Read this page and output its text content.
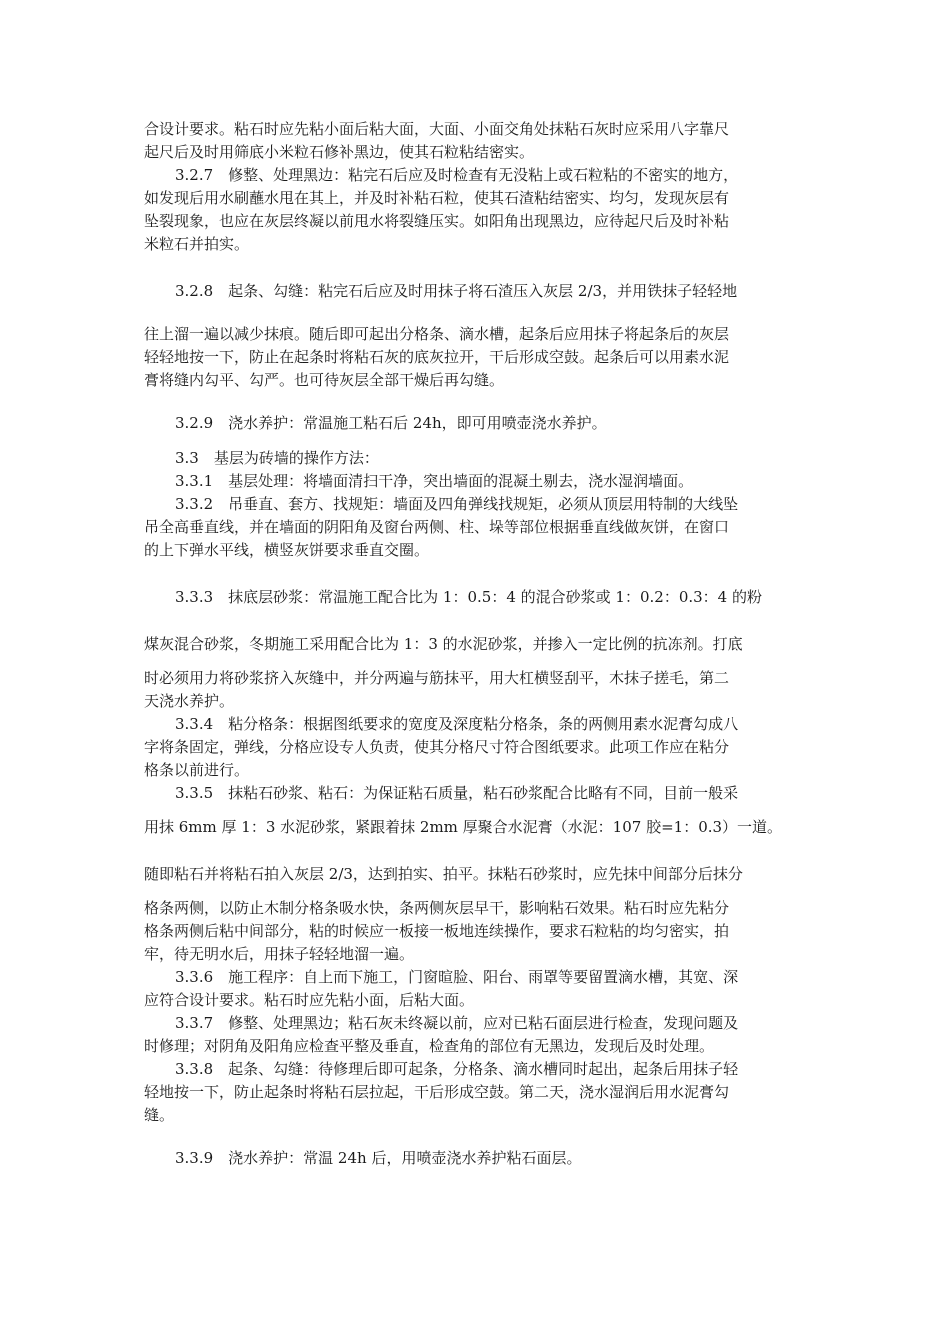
合设计要求。粘石时应先粘小面后粘大面，大面、小面交角处抹粘石灰时应采用八字靠尺
起尺后及时用筛底小米粒石修补黑边，使其石粒粘结密实。
3.2.7　修整、处理黑边：粘完石后应及时检查有无没粘上或石粒粘的不密实的地方，
如发现后用水刷蘸水甩在其上，并及时补粘石粒，使其石渣粘结密实、均匀，发现灰层有
坠裂现象，也应在灰层终凝以前甩水将裂缝压实。如阳角出现黑边，应待起尺后及时补粘
米粒石并拍实。
3.2.8　起条、勾缝：粘完石后应及时用抹子将石渣压入灰层 2/3，并用铁抹子轻轻地
往上溜一遍以减少抹痕。随后即可起出分格条、滴水槽，起条后应用抹子将起条后的灰层
轻轻地按一下，防止在起条时将粘石灰的底灰拉开，干后形成空鼓。起条后可以用素水泥
膏将缝内勾平、勾严。也可待灰层全部干燥后再勾缝。
3.2.9　浇水养护：常温施工粘石后 24h，即可用喷壶浇水养护。
3.3　基层为砖墙的操作方法：
3.3.1　基层处理：将墙面清扫干净，突出墙面的混凝土剔去，浇水湿润墙面。
3.3.2　吊垂直、套方、找规矩：墙面及四角弹线找规矩，必须从顶层用特制的大线坠
吊全高垂直线，并在墙面的阴阳角及窗台两侧、柱、垛等部位根据垂直线做灰饼，在窗口
的上下弹水平线，横竖灰饼要求垂直交圈。
3.3.3　抹底层砂浆：常温施工配合比为 1：0.5：4 的混合砂浆或 1：0.2：0.3：4 的粉
煤灰混合砂浆，冬期施工采用配合比为 1：3 的水泥砂浆，并掺入一定比例的抗冻剂。打底
时必须用力将砂浆挤入灰缝中，并分两遍与筋抹平，用大杠横竖刮平，木抹子搓毛，第二
天浇水养护。
3.3.4　粘分格条：根据图纸要求的宽度及深度粘分格条，条的两侧用素水泥膏勾成八
字将条固定，弹线，分格应设专人负责，使其分格尺寸符合图纸要求。此项工作应在粘分
格条以前进行。
3.3.5　抹粘石砂浆、粘石：为保证粘石质量，粘石砂浆配合比略有不同，目前一般采
用抹 6mm 厚 1：3 水泥砂浆，紧跟着抹 2mm 厚聚合水泥膏（水泥：107 胶=1：0.3）一道。
随即粘石并将粘石拍入灰层 2/3，达到拍实、拍平。抹粘石砂浆时，应先抹中间部分后抹分
格条两侧，以防止木制分格条吸水快，条两侧灰层早干，影响粘石效果。粘石时应先粘分
格条两侧后粘中间部分，粘的时候应一板接一板地连续操作，要求石粒粘的均匀密实，拍
牢，待无明水后，用抹子轻轻地溜一遍。
3.3.6　施工程序：自上而下施工，门窗暄脸、阳台、雨罩等要留置滴水槽，其宽、深
应符合设计要求。粘石时应先粘小面，后粘大面。
3.3.7　修整、处理黑边；粘石灰未终凝以前，应对已粘石面层进行检查，发现问题及
时修理；对阴角及阳角应检查平整及垂直，检查角的部位有无黑边，发现后及时处理。
3.3.8　起条、勾缝：待修理后即可起条，分格条、滴水槽同时起出，起条后用抹子轻
轻地按一下，防止起条时将粘石层拉起，干后形成空鼓。第二天，浇水湿润后用水泥膏勾
缝。
3.3.9　浇水养护：常温 24h 后，用喷壶浇水养护粘石面层。
